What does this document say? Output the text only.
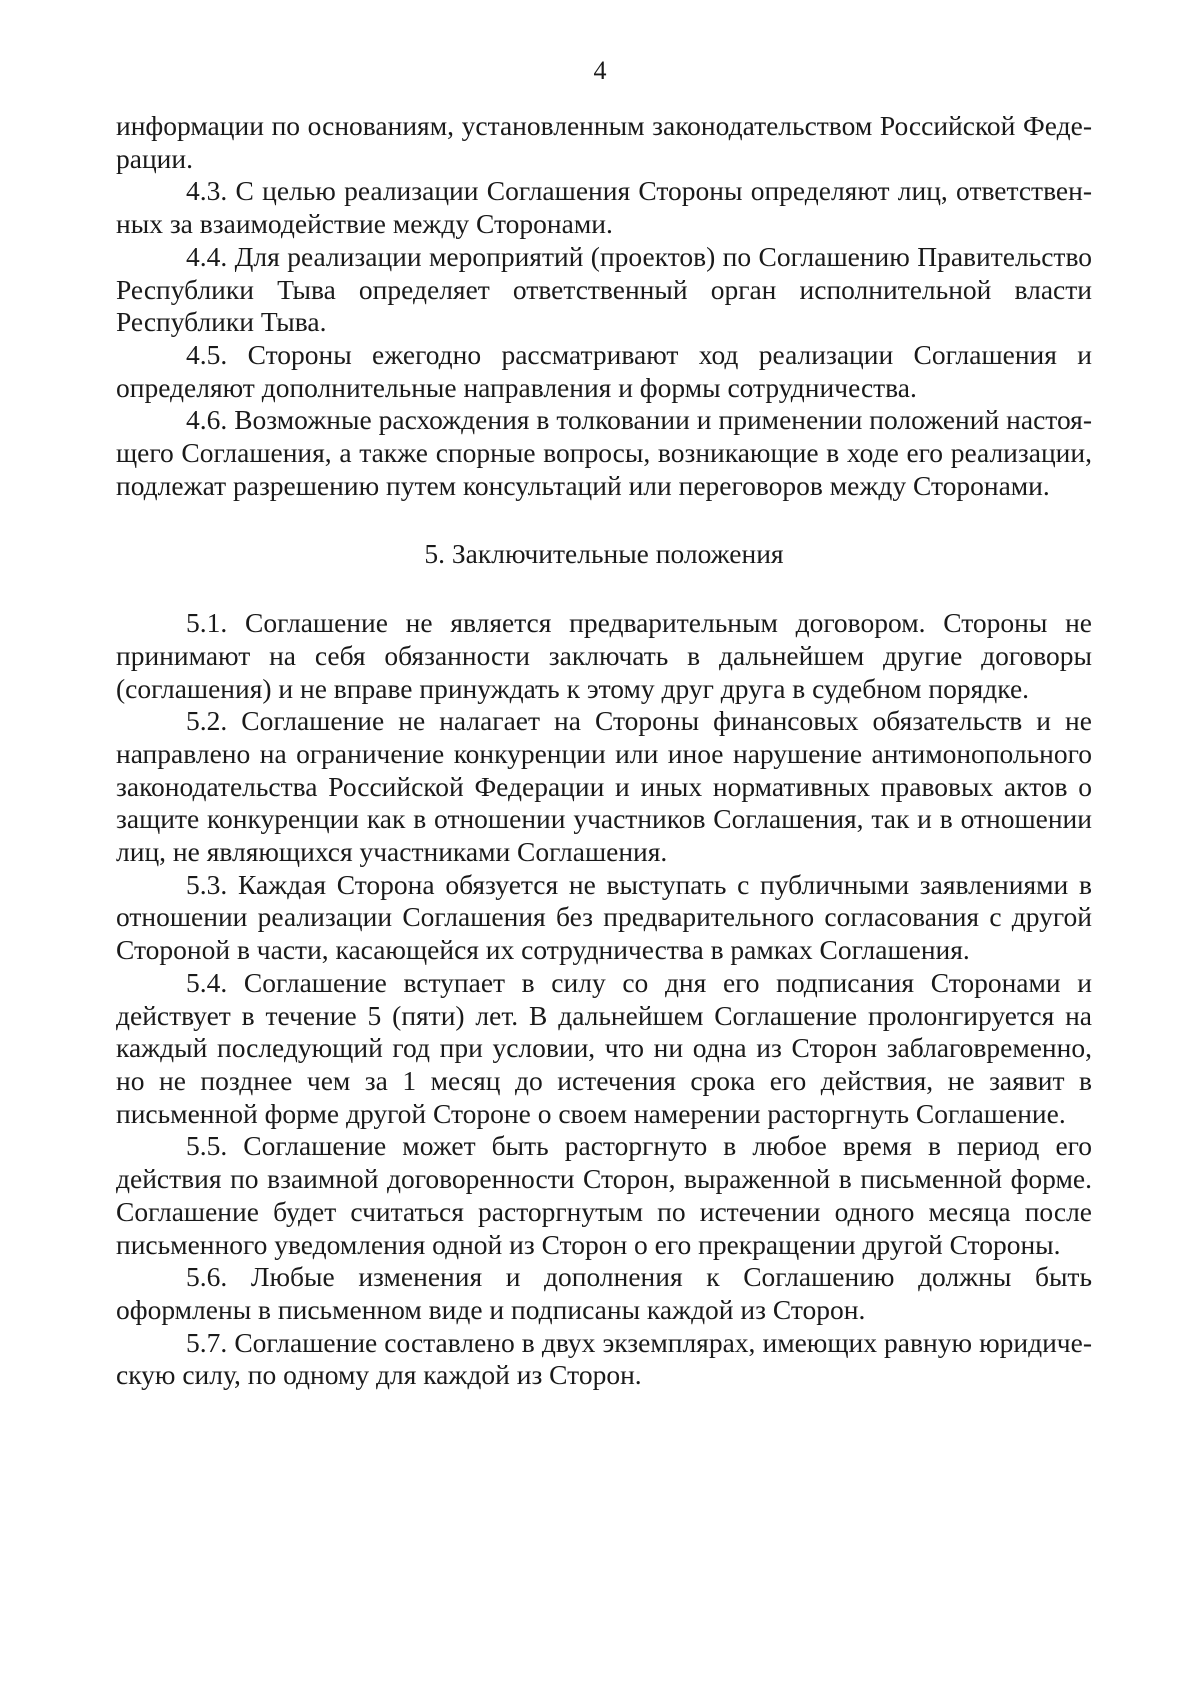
4

информации по основаниям, установленным законодательством Российской Федерации.

4.3. С целью реализации Соглашения Стороны определяют лиц, ответственных за взаимодействие между Сторонами.

4.4. Для реализации мероприятий (проектов) по Соглашению Правительство Республики Тыва определяет ответственный орган исполнительной власти Республики Тыва.

4.5. Стороны ежегодно рассматривают ход реализации Соглашения и определяют дополнительные направления и формы сотрудничества.

4.6. Возможные расхождения в толковании и применении положений настоящего Соглашения, а также спорные вопросы, возникающие в ходе его реализации, подлежат разрешению путем консультаций или переговоров между Сторонами.

5. Заключительные положения

5.1. Соглашение не является предварительным договором. Стороны не принимают на себя обязанности заключать в дальнейшем другие договоры (соглашения) и не вправе принуждать к этому друг друга в судебном порядке.

5.2. Соглашение не налагает на Стороны финансовых обязательств и не направлено на ограничение конкуренции или иное нарушение антимонопольного законодательства Российской Федерации и иных нормативных правовых актов о защите конкуренции как в отношении участников Соглашения, так и в отношении лиц, не являющихся участниками Соглашения.

5.3. Каждая Сторона обязуется не выступать с публичными заявлениями в отношении реализации Соглашения без предварительного согласования с другой Стороной в части, касающейся их сотрудничества в рамках Соглашения.

5.4. Соглашение вступает в силу со дня его подписания Сторонами и действует в течение 5 (пяти) лет. В дальнейшем Соглашение пролонгируется на каждый последующий год при условии, что ни одна из Сторон заблаговременно, но не позднее чем за 1 месяц до истечения срока его действия, не заявит в письменной форме другой Стороне о своем намерении расторгнуть Соглашение.

5.5. Соглашение может быть расторгнуто в любое время в период его действия по взаимной договоренности Сторон, выраженной в письменной форме. Соглашение будет считаться расторгнутым по истечении одного месяца после письменного уведомления одной из Сторон о его прекращении другой Стороны.

5.6. Любые изменения и дополнения к Соглашению должны быть оформлены в письменном виде и подписаны каждой из Сторон.

5.7. Соглашение составлено в двух экземплярах, имеющих равную юридическую силу, по одному для каждой из Сторон.
